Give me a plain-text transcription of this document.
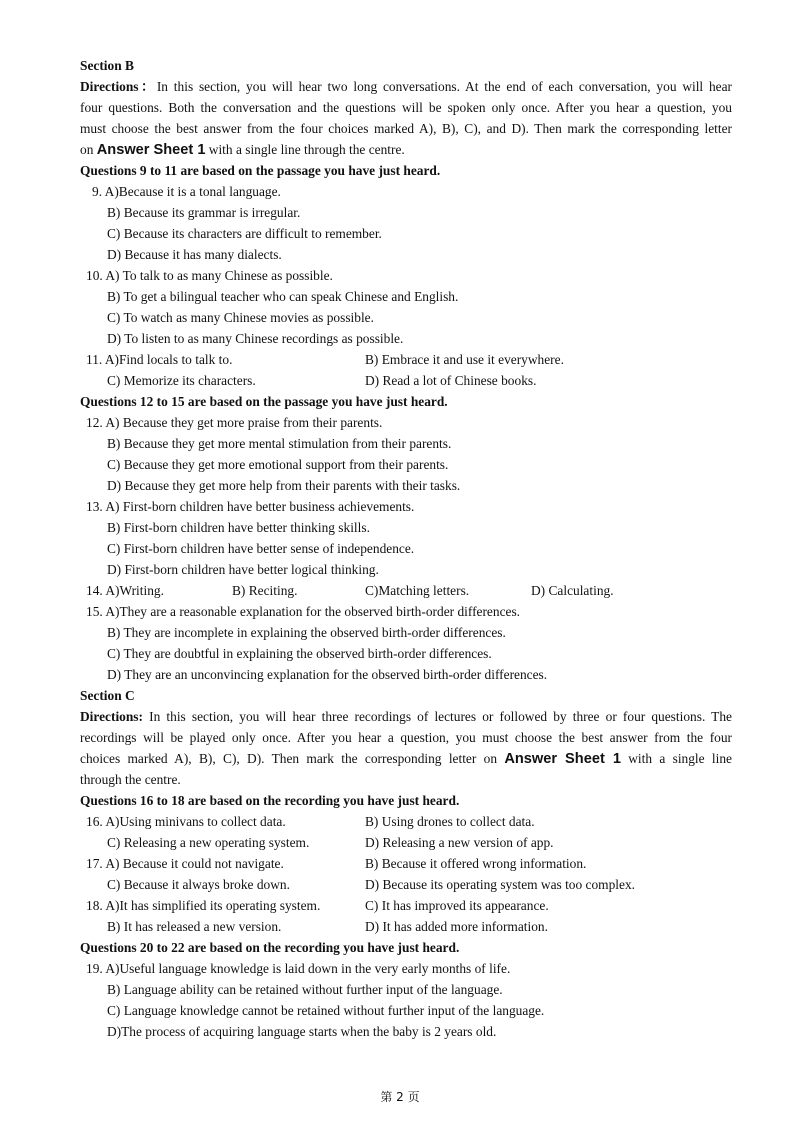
Section B
Directions：In this section, you will hear two long conversations. At the end of each conversation, you will hear
four questions. Both the conversation and the questions will be spoken only once. After you hear a question, you
must choose the best answer from the four choices marked A), B), C), and D). Then mark the corresponding letter
on Answer Sheet 1 with a single line through the centre.
Questions 9 to 11 are based on the passage you have just heard.
9. A)Because it is a tonal language.
B) Because its grammar is irregular.
C) Because its characters are difficult to remember.
D) Because it has many dialects.
10. A) To talk to as many Chinese as possible.
B) To get a bilingual teacher who can speak Chinese and English.
C) To watch as many Chinese movies as possible.
D) To listen to as many Chinese recordings as possible.
11. A)Find locals to talk to.	B) Embrace it and use it everywhere.
C) Memorize its characters.	D) Read a lot of Chinese books.
Questions 12 to 15 are based on the passage you have just heard.
12. A) Because they get more praise from their parents.
B) Because they get more mental stimulation from their parents.
C) Because they get more emotional support from their parents.
D) Because they get more help from their parents with their tasks.
13. A) First-born children have better business achievements.
B) First-born children have better thinking skills.
C) First-born children have better sense of independence.
D) First-born children have better logical thinking.
14. A)Writing.	B) Reciting.	C)Matching letters.	D) Calculating.
15. A)They are a reasonable explanation for the observed birth-order differences.
B) They are incomplete in explaining the observed birth-order differences.
C) They are doubtful in explaining the observed birth-order differences.
D) They are an unconvincing explanation for the observed birth-order differences.
Section C
Directions: In this section, you will hear three recordings of lectures or followed by three or four questions. The
recordings will be played only once. After you hear a question, you must choose the best answer from the four
choices marked A), B), C), D). Then mark the corresponding letter on Answer Sheet 1 with a single line
through the centre.
Questions 16 to 18 are based on the recording you have just heard.
16. A)Using minivans to collect data.	B) Using drones to collect data.
C) Releasing a new operating system.	D) Releasing a new version of app.
17. A) Because it could not navigate.	B) Because it offered wrong information.
C) Because it always broke down.	D) Because its operating system was too complex.
18. A)It has simplified its operating system.	C) It has improved its appearance.
B) It has released a new version.	D) It has added more information.
Questions 20 to 22 are based on the recording you have just heard.
19. A)Useful language knowledge is laid down in the very early months of life.
B) Language ability can be retained without further input of the language.
C) Language knowledge cannot be retained without further input of the language.
D)The process of acquiring language starts when the baby is 2 years old.
第 2 页
